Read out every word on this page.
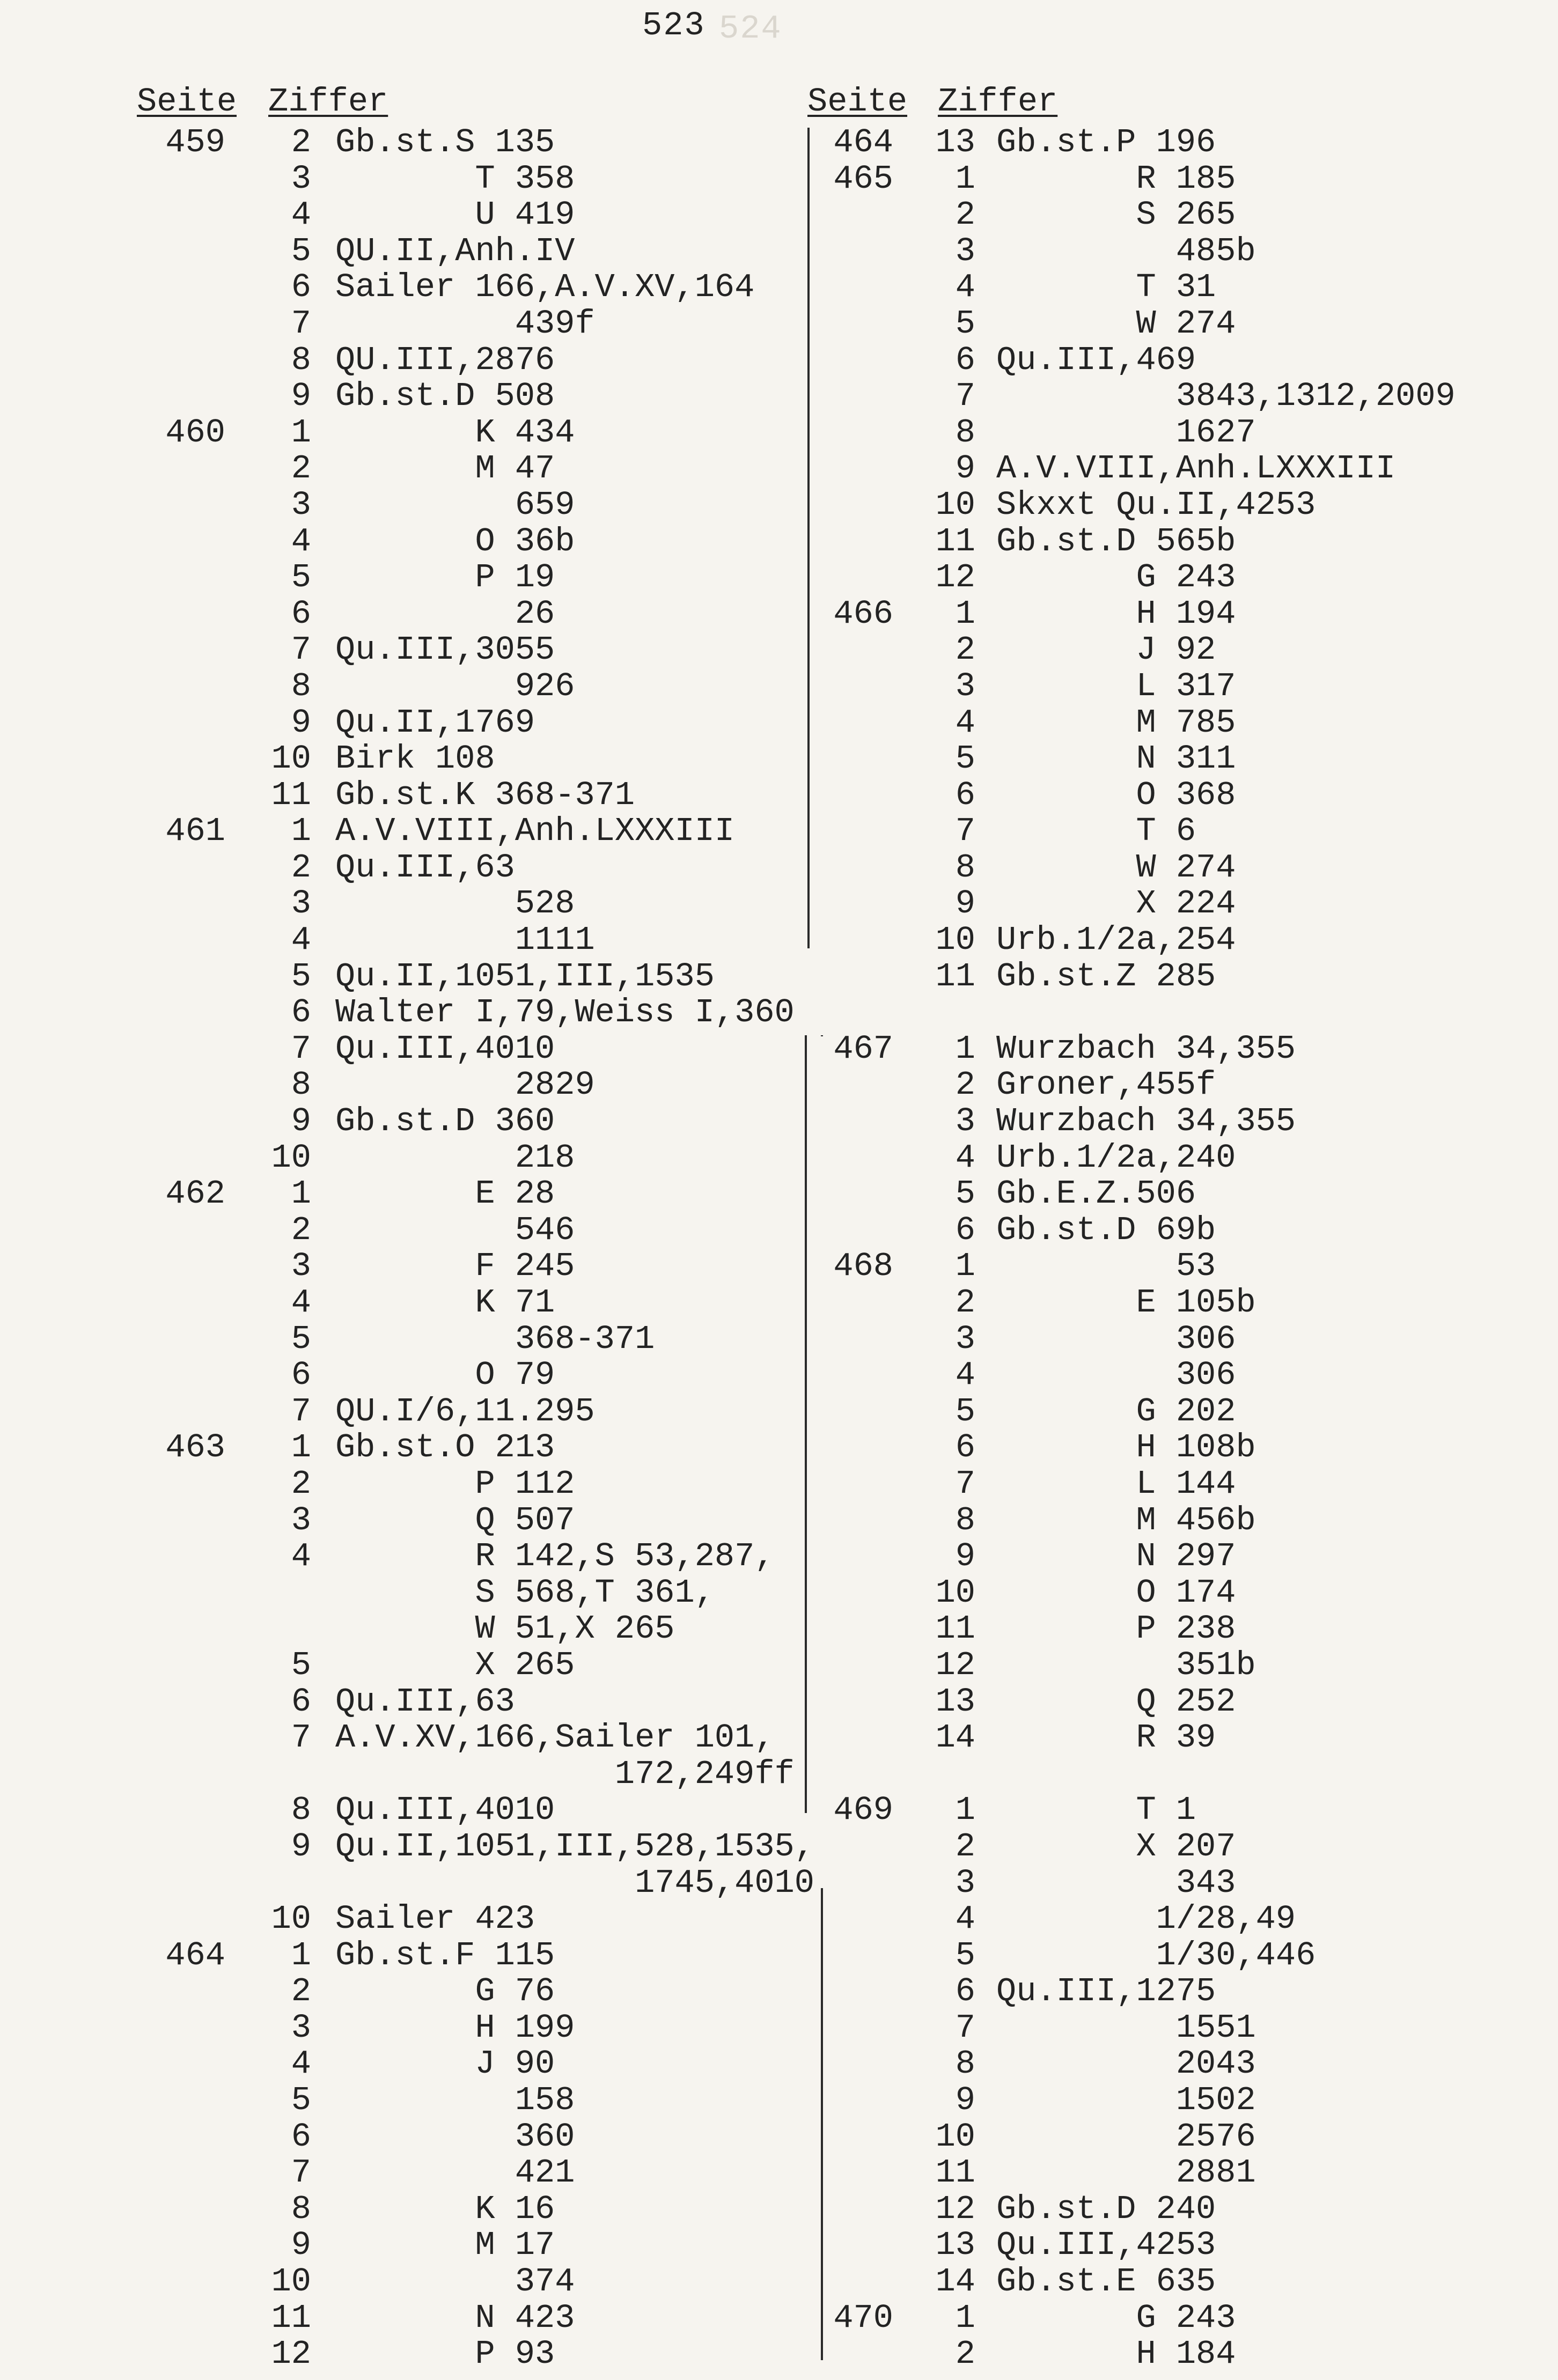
524
523
Seite Ziffer
459	2 Gb.st.S 135
3 T 358
4 U 419
5 QU.II,Anh.IV
6 Sailer 166,A.V.XV,164
7 439f
8 QU.III,2876
9 Gb.st.D 508
460	1 K 434
2 M 47
3 659
4 O 36b
5 P 19
6 26
7 Qu.III,3055
8 926
9 Qu.II,1769
10 Birk 108
11 Gb.st.K 368-371
461	1 A.V.VIII,Anh.LXXXIII
2 Qu.III,63
3 528
4 1111
5 Qu.II,1051,III,1535
6 Walter I,79,Weiss I,360
7 Qu.III,4010
8 2829
9 Gb.st.D 360
10 218
462	1 E 28
2 546
3 F 245
4 K 71
5 368-371
6 O 79
7 QU.I/6,11.295
463	1 Gb.st.O 213
2 P 112
3 Q 507
4 R 142,S 53,287,
S 568,T 361,
W 51,X 265
5 X 265
6 Qu.III,63
7 A.V.XV,166,Sailer 101,
172,249ff
8 Qu.III,4010
9 Qu.II,1051,III,528,1535,
1745,4010
10 Sailer 423
464	1 Gb.st.F 115
2 G 76
3 H 199
4 J 90
5 158
6 360
7 421
8 K 16
9 M 17
10 374
11 N 423
12 P 93
Seite Ziffer
464	13 Gb.st.P 196
465	1 R 185
2 S 265
3 485b
4 T 31
5 W 274
6 Qu.III,469
7 3843,1312,2009
8 1627
9 A.V.VIII,Anh.LXXXIII
10 Skxxt Qu.II,4253
11 Gb.st.D 565b
12 G 243
466	1 H 194
2 J 92
3 L 317
4 M 785
5 N 311
6 O 368
7 T 6
8 W 274
9 X 224
10 Urb.1/2a,254
11 Gb.st.Z 285
467	1 Wurzbach 34,355
2 Groner,455f
3 Wurzbach 34,355
4 Urb.1/2a,240
5 Gb.E.Z.506
6 Gb.st.D 69b
468	1 53
2 E 105b
3 306
4 306
5 G 202
6 H 108b
7 L 144
8 M 456b
9 N 297
10 O 174
11 P 238
12 351b
13 Q 252
14 R 39
469	1 T 1
2 X 207
3 343
4 1/28,49
5 1/30,446
6 Qu.III,1275
7 1551
8 2043
9 1502
10 2576
11 2881
12 Gb.st.D 240
13 Qu.III,4253
14 Gb.st.E 635
470	1 G 243
2 H 184
